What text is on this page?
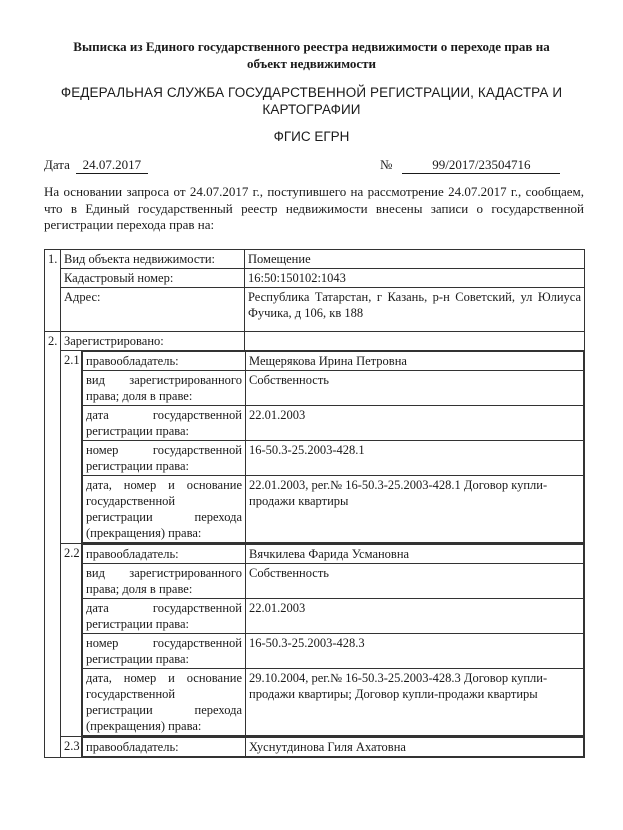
Выписка из Единого государственного реестра недвижимости о переходе прав на
объект недвижимости
ФЕДЕРАЛЬНАЯ СЛУЖБА ГОСУДАРСТВЕННОЙ РЕГИСТРАЦИИ, КАДАСТРА И
КАРТОГРАФИИ
ФГИС ЕГРН
Дата 24.07.2017	№	99/2017/23504716
На основании запроса от 24.07.2017 г., поступившего на рассмотрение 24.07.2017 г., сообщаем, что в Единый государственный реестр недвижимости внесены записи о государственной регистрации перехода прав на:
1.	Вид объекта недвижимости:	Помещение
Кадастровый номер:	16:50:150102:1043
Адрес:	Республика Татарстан, г Казань, р-н Советский, ул Юлиуса Фучика, д 106, кв 188
2.	Зарегистрировано:	
2.1	правообладатель:	Мещерякова Ирина Петровна
вид зарегистрированного права; доля в праве:	Собственность
дата государственной регистрации права:	22.01.2003
номер государственной регистрации права:	16-50.3-25.2003-428.1
дата, номер и основание государственной регистрации перехода (прекращения) права:	22.01.2003, рег.№ 16-50.3-25.2003-428.1 Договор купли-продажи квартиры

2.2	правообладатель:	Вячкилева Фарида Усмановна
вид зарегистрированного права; доля в праве:	Собственность
дата государственной регистрации права:	22.01.2003
номер государственной регистрации права:	16-50.3-25.2003-428.3
дата, номер и основание государственной регистрации перехода (прекращения) права:	29.10.2004, рег.№ 16-50.3-25.2003-428.3 Договор купли-продажи квартиры; Договор купли-продажи квартиры

2.3	правообладатель:	Хуснутдинова Гиля Ахатовна
